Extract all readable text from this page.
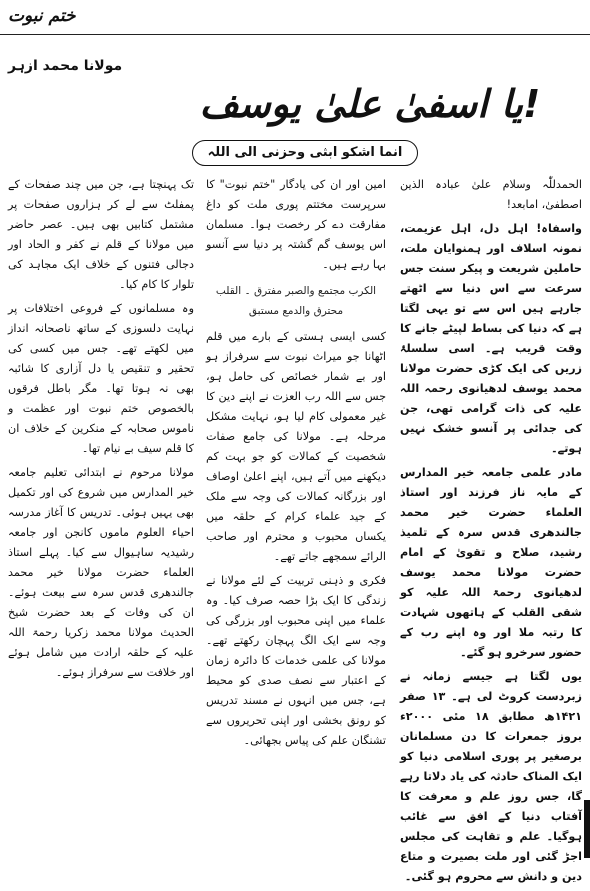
ختم نبوت
مولانا محمد ازہر
یا اسفیٰ علیٰ یوسف!
انما اشکو ابثی وحزنی الی اللہ

الحمدللّٰہ وسلام علیٰ عبادہ الذین اصطفیٰ، امابعد!

واسفاہ! اہل دل، اہل عزیمت، نمونہ اسلاف اور ہمنوایان ملت، حاملین شریعت و پیکر سنت جس سرعت سے اس دنیا سے اٹھتے جارہے ہیں اس سے تو یہی لگتا ہے کہ دنیا کی بساط لپیٹے جانے کا وقت قریب ہے۔ اسی سلسلۂ زریں کی ایک کڑی حضرت مولانا محمد یوسف لدھیانوی رحمہ اللہ علیہ کی ذات گرامی تھی، جن کی جدائی پر آنسو خشک نہیں ہوتے۔

مادر علمی جامعہ خیر المدارس کے مایہ ناز فرزند اور استاذ العلماء حضرت خیر محمد جالندھری قدس سرہ کے تلمیذ رشید، صلاح و تقویٰ کے امام حضرت مولانا محمد یوسف لدھیانوی رحمۃ اللہ علیہ کو شقی القلب کے ہاتھوں شہادت کا رتبہ ملا اور وہ اپنے رب کے حضور سرخرو ہو گئے۔

یوں لگتا ہے جیسے زمانہ نے زبردست کروٹ لی ہے۔ ۱۳ صفر ۱۴۲۱ھ مطابق ۱۸ مئی ۲۰۰۰ء بروز جمعرات کا دن مسلمانان برصغیر پر پوری اسلامی دنیا کو ایک المناک حادثہ کی یاد دلاتا رہے گا، جس روز علم و معرفت کا آفتاب دنیا کے افق سے غائب ہوگیا۔ علم و تقاہت کی مجلس اجڑ گئی اور ملت بصیرت و متاع دین و دانش سے محروم ہو گئی۔

امین اور ان کی یادگار "ختم نبوت" کا سرپرست مختتم پوری ملت کو داغ مفارقت دے کر رخصت ہوا۔ مسلمان اس یوسف گم گشتہ پر دنیا سے آنسو بہا رہے ہیں۔

الکرب مجتمع والصبر مفترق ۔ القلب محترق والدمع مستبق

کسی ایسی ہستی کے بارے میں قلم اٹھانا جو میراث نبوت سے سرفراز ہو اور بے شمار خصائص کی حامل ہو، جس سے اللہ رب العزت نے اپنے دین کا غیر معمولی کام لیا ہو، نہایت مشکل مرحلہ ہے۔ مولانا کی جامع صفات شخصیت کے کمالات کو جو بہت کم دیکھنے میں آتے ہیں، اپنے اعلیٰ اوصاف اور بزرگانہ کمالات کی وجہ سے ملک کے جید علماء کرام کے حلقہ میں یکساں محبوب و محترم اور صاحب الرائے سمجھے جاتے تھے۔

فکری و ذہنی تربیت کے لئے مولانا نے زندگی کا ایک بڑا حصہ صرف کیا۔ وہ علماء میں اپنی محبوب اور بزرگی کی وجہ سے ایک الگ پہچان رکھتے تھے۔ مولانا کی علمی خدمات کا دائرہ زمان کے اعتبار سے نصف صدی کو محیط ہے، جس میں انہوں نے مسند تدریس کو رونق بخشی اور اپنی تحریروں سے تشنگان علم کی پیاس بجھائی۔

تک پہنچتا ہے، جن میں چند صفحات کے پمفلٹ سے لے کر ہزاروں صفحات پر مشتمل کتابیں بھی ہیں۔ عصر حاضر میں مولانا کے قلم نے کفر و الحاد اور دجالی فتنوں کے خلاف ایک مجاہد کی تلوار کا کام کیا۔

وہ مسلمانوں کے فروعی اختلافات پر نہایت دلسوزی کے ساتھ ناصحانہ انداز میں لکھتے تھے۔ جس میں کسی کی تحقیر و تنقیص یا دل آزاری کا شائبہ بھی نہ ہوتا تھا۔ مگر باطل فرقوں بالخصوص ختم نبوت اور عظمت و ناموس صحابہ کے منکرین کے خلاف ان کا قلم سیف بے نیام تھا۔

مولانا مرحوم نے ابتدائی تعلیم جامعہ خیر المدارس میں شروع کی اور تکمیل بھی یہیں ہوئی۔ تدریس کا آغاز مدرسہ احیاء العلوم ماموں کانجن اور جامعہ رشیدیہ ساہیوال سے کیا۔ پہلے استاذ العلماء حضرت مولانا خیر محمد جالندھری قدس سرہ سے بیعت ہوئے۔ ان کی وفات کے بعد حضرت شیخ الحدیث مولانا محمد زکریا رحمۃ اللہ علیہ کے حلقہ ارادت میں شامل ہوئے اور خلافت سے سرفراز ہوئے۔
